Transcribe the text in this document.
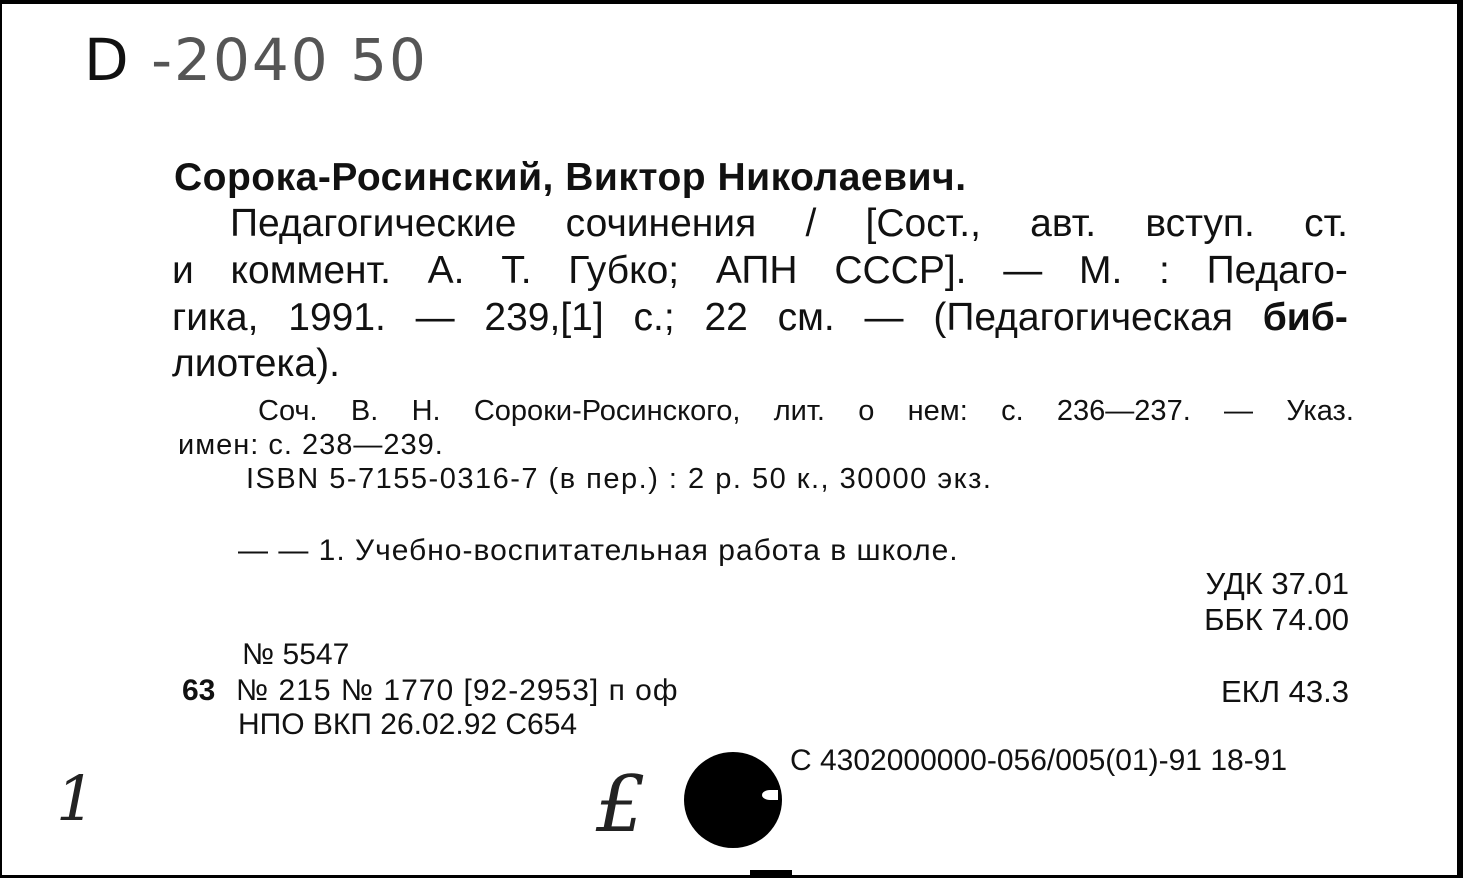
D -2040 50
Сорока-Росинский, Виктор Николаевич.
Педагогические сочинения / [Сост., авт. вступ. ст.
и коммент. А. Т. Губко; АПН СССР]. — М. : Педаго-
гика, 1991. — 239,[1] с.; 22 см. — (Педагогическая биб-
лиотека).
Соч. В. Н. Сороки-Росинского, лит. о нем: с. 236—237. — Указ.
имен: с. 238—239.
ISBN 5-7155-0316-7 (в пер.) : 2 р. 50 к., 30000 экз.
— — 1. Учебно-воспитательная работа в школе.
УДК 37.01
ББК 74.00
№ 5547
63 № 215 № 1770 [92-2953] п оф	ЕКЛ 43.3
НПО ВКП 26.02.92 С654
С 4302000000-056/005(01)-91 18-91
1	£
